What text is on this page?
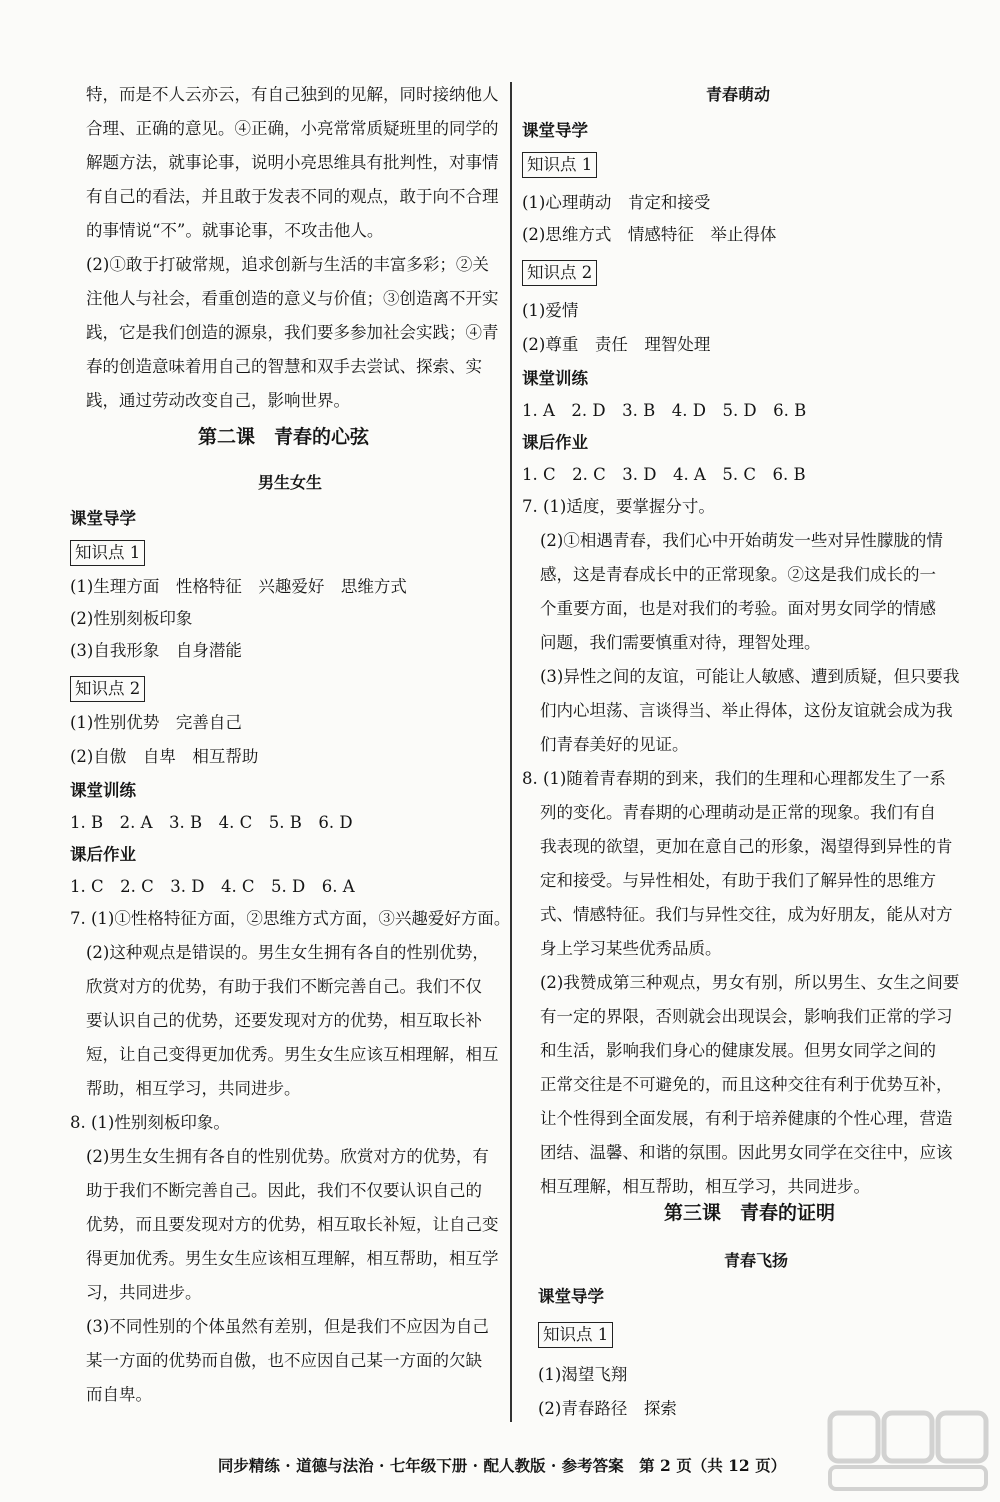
特，而是不人云亦云，有自己独到的见解，同时接纳他人
合理、正确的意见。④正确，小亮常常质疑班里的同学的
解题方法，就事论事，说明小亮思维具有批判性，对事情
有自己的看法，并且敢于发表不同的观点，敢于向不合理
的事情说“不”。就事论事，不攻击他人。
(2)①敢于打破常规，追求创新与生活的丰富多彩；②关
注他人与社会，看重创造的意义与价值；③创造离不开实
践，它是我们创造的源泉，我们要多参加社会实践；④青
春的创造意味着用自己的智慧和双手去尝试、探索、实
践，通过劳动改变自己，影响世界。
第二课　青春的心弦
男生女生
课堂导学
知识点 1
(1)生理方面　性格特征　兴趣爱好　思维方式
(2)性别刻板印象
(3)自我形象　自身潜能
知识点 2
(1)性别优势　完善自己
(2)自傲　自卑　相互帮助
课堂训练
1. B　2. A　3. B　4. C　5. B　6. D
课后作业
1. C　2. C　3. D　4. C　5. D　6. A
7. (1)①性格特征方面，②思维方式方面，③兴趣爱好方面。
(2)这种观点是错误的。男生女生拥有各自的性别优势，
欣赏对方的优势，有助于我们不断完善自己。我们不仅
要认识自己的优势，还要发现对方的优势，相互取长补
短，让自己变得更加优秀。男生女生应该互相理解，相互
帮助，相互学习，共同进步。
8. (1)性别刻板印象。
(2)男生女生拥有各自的性别优势。欣赏对方的优势，有
助于我们不断完善自己。因此，我们不仅要认识自己的
优势，而且要发现对方的优势，相互取长补短，让自己变
得更加优秀。男生女生应该相互理解，相互帮助，相互学
习，共同进步。
(3)不同性别的个体虽然有差别，但是我们不应因为自己
某一方面的优势而自傲，也不应因自己某一方面的欠缺
而自卑。
青春萌动
课堂导学
知识点 1
(1)心理萌动　肯定和接受
(2)思维方式　情感特征　举止得体
知识点 2
(1)爱情
(2)尊重　责任　理智处理
课堂训练
1. A　2. D　3. B　4. D　5. D　6. B
课后作业
1. C　2. C　3. D　4. A　5. C　6. B
7. (1)适度，要掌握分寸。
(2)①相遇青春，我们心中开始萌发一些对异性朦胧的情
感，这是青春成长中的正常现象。②这是我们成长的一
个重要方面，也是对我们的考验。面对男女同学的情感
问题，我们需要慎重对待，理智处理。
(3)异性之间的友谊，可能让人敏感、遭到质疑，但只要我
们内心坦荡、言谈得当、举止得体，这份友谊就会成为我
们青春美好的见证。
8. (1)随着青春期的到来，我们的生理和心理都发生了一系
列的变化。青春期的心理萌动是正常的现象。我们有自
我表现的欲望，更加在意自己的形象，渴望得到异性的肯
定和接受。与异性相处，有助于我们了解异性的思维方
式、情感特征。我们与异性交往，成为好朋友，能从对方
身上学习某些优秀品质。
(2)我赞成第三种观点，男女有别，所以男生、女生之间要
有一定的界限，否则就会出现误会，影响我们正常的学习
和生活，影响我们身心的健康发展。但男女同学之间的
正常交往是不可避免的，而且这种交往有利于优势互补，
让个性得到全面发展，有利于培养健康的个性心理，营造
团结、温馨、和谐的氛围。因此男女同学在交往中，应该
相互理解，相互帮助，相互学习，共同进步。
第三课　青春的证明
青春飞扬
课堂导学
知识点 1
(1)渴望飞翔
(2)青春路径　探索
同步精练 · 道德与法治 · 七年级下册 · 配人教版 · 参考答案　第 2 页（共 12 页）
